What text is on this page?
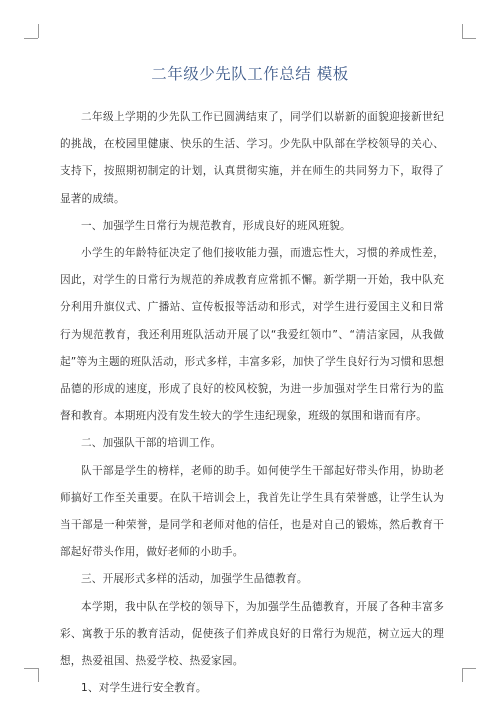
二年级少先队工作总结 模板

二年级上学期的少先队工作已圆满结束了，同学们以崭新的面貌迎接新世纪的挑战，在校园里健康、快乐的生活、学习。少先队中队部在学校领导的关心、支持下，按照期初制定的计划，认真贯彻实施，并在师生的共同努力下，取得了显著的成绩。

一、加强学生日常行为规范教育，形成良好的班风班貌。

小学生的年龄特征决定了他们接收能力强，而遗忘性大，习惯的养成性差，因此，对学生的日常行为规范的养成教育应常抓不懈。新学期一开始，我中队充分利用升旗仪式、广播站、宣传板报等活动和形式，对学生进行爱国主义和日常行为规范教育，我还利用班队活动开展了以“我爱红领巾”、“清洁家园，从我做起”等为主题的班队活动，形式多样，丰富多彩，加快了学生良好行为习惯和思想品德的形成的速度，形成了良好的校风校貌，为进一步加强对学生日常行为的监督和教育。本期班内没有发生较大的学生违纪现象，班级的氛围和谐而有序。

二、加强队干部的培训工作。

队干部是学生的榜样，老师的助手。如何使学生干部起好带头作用，协助老师搞好工作至关重要。在队干培训会上，我首先让学生具有荣誉感，让学生认为当干部是一种荣誉，是同学和老师对他的信任，也是对自己的锻炼，然后教育干部起好带头作用，做好老师的小助手。

三、开展形式多样的活动，加强学生品德教育。

本学期，我中队在学校的领导下，为加强学生品德教育，开展了各种丰富多彩、寓教于乐的教育活动，促使孩子们养成良好的日常行为规范，树立远大的理想，热爱祖国、热爱学校、热爱家园。

1、对学生进行安全教育。
